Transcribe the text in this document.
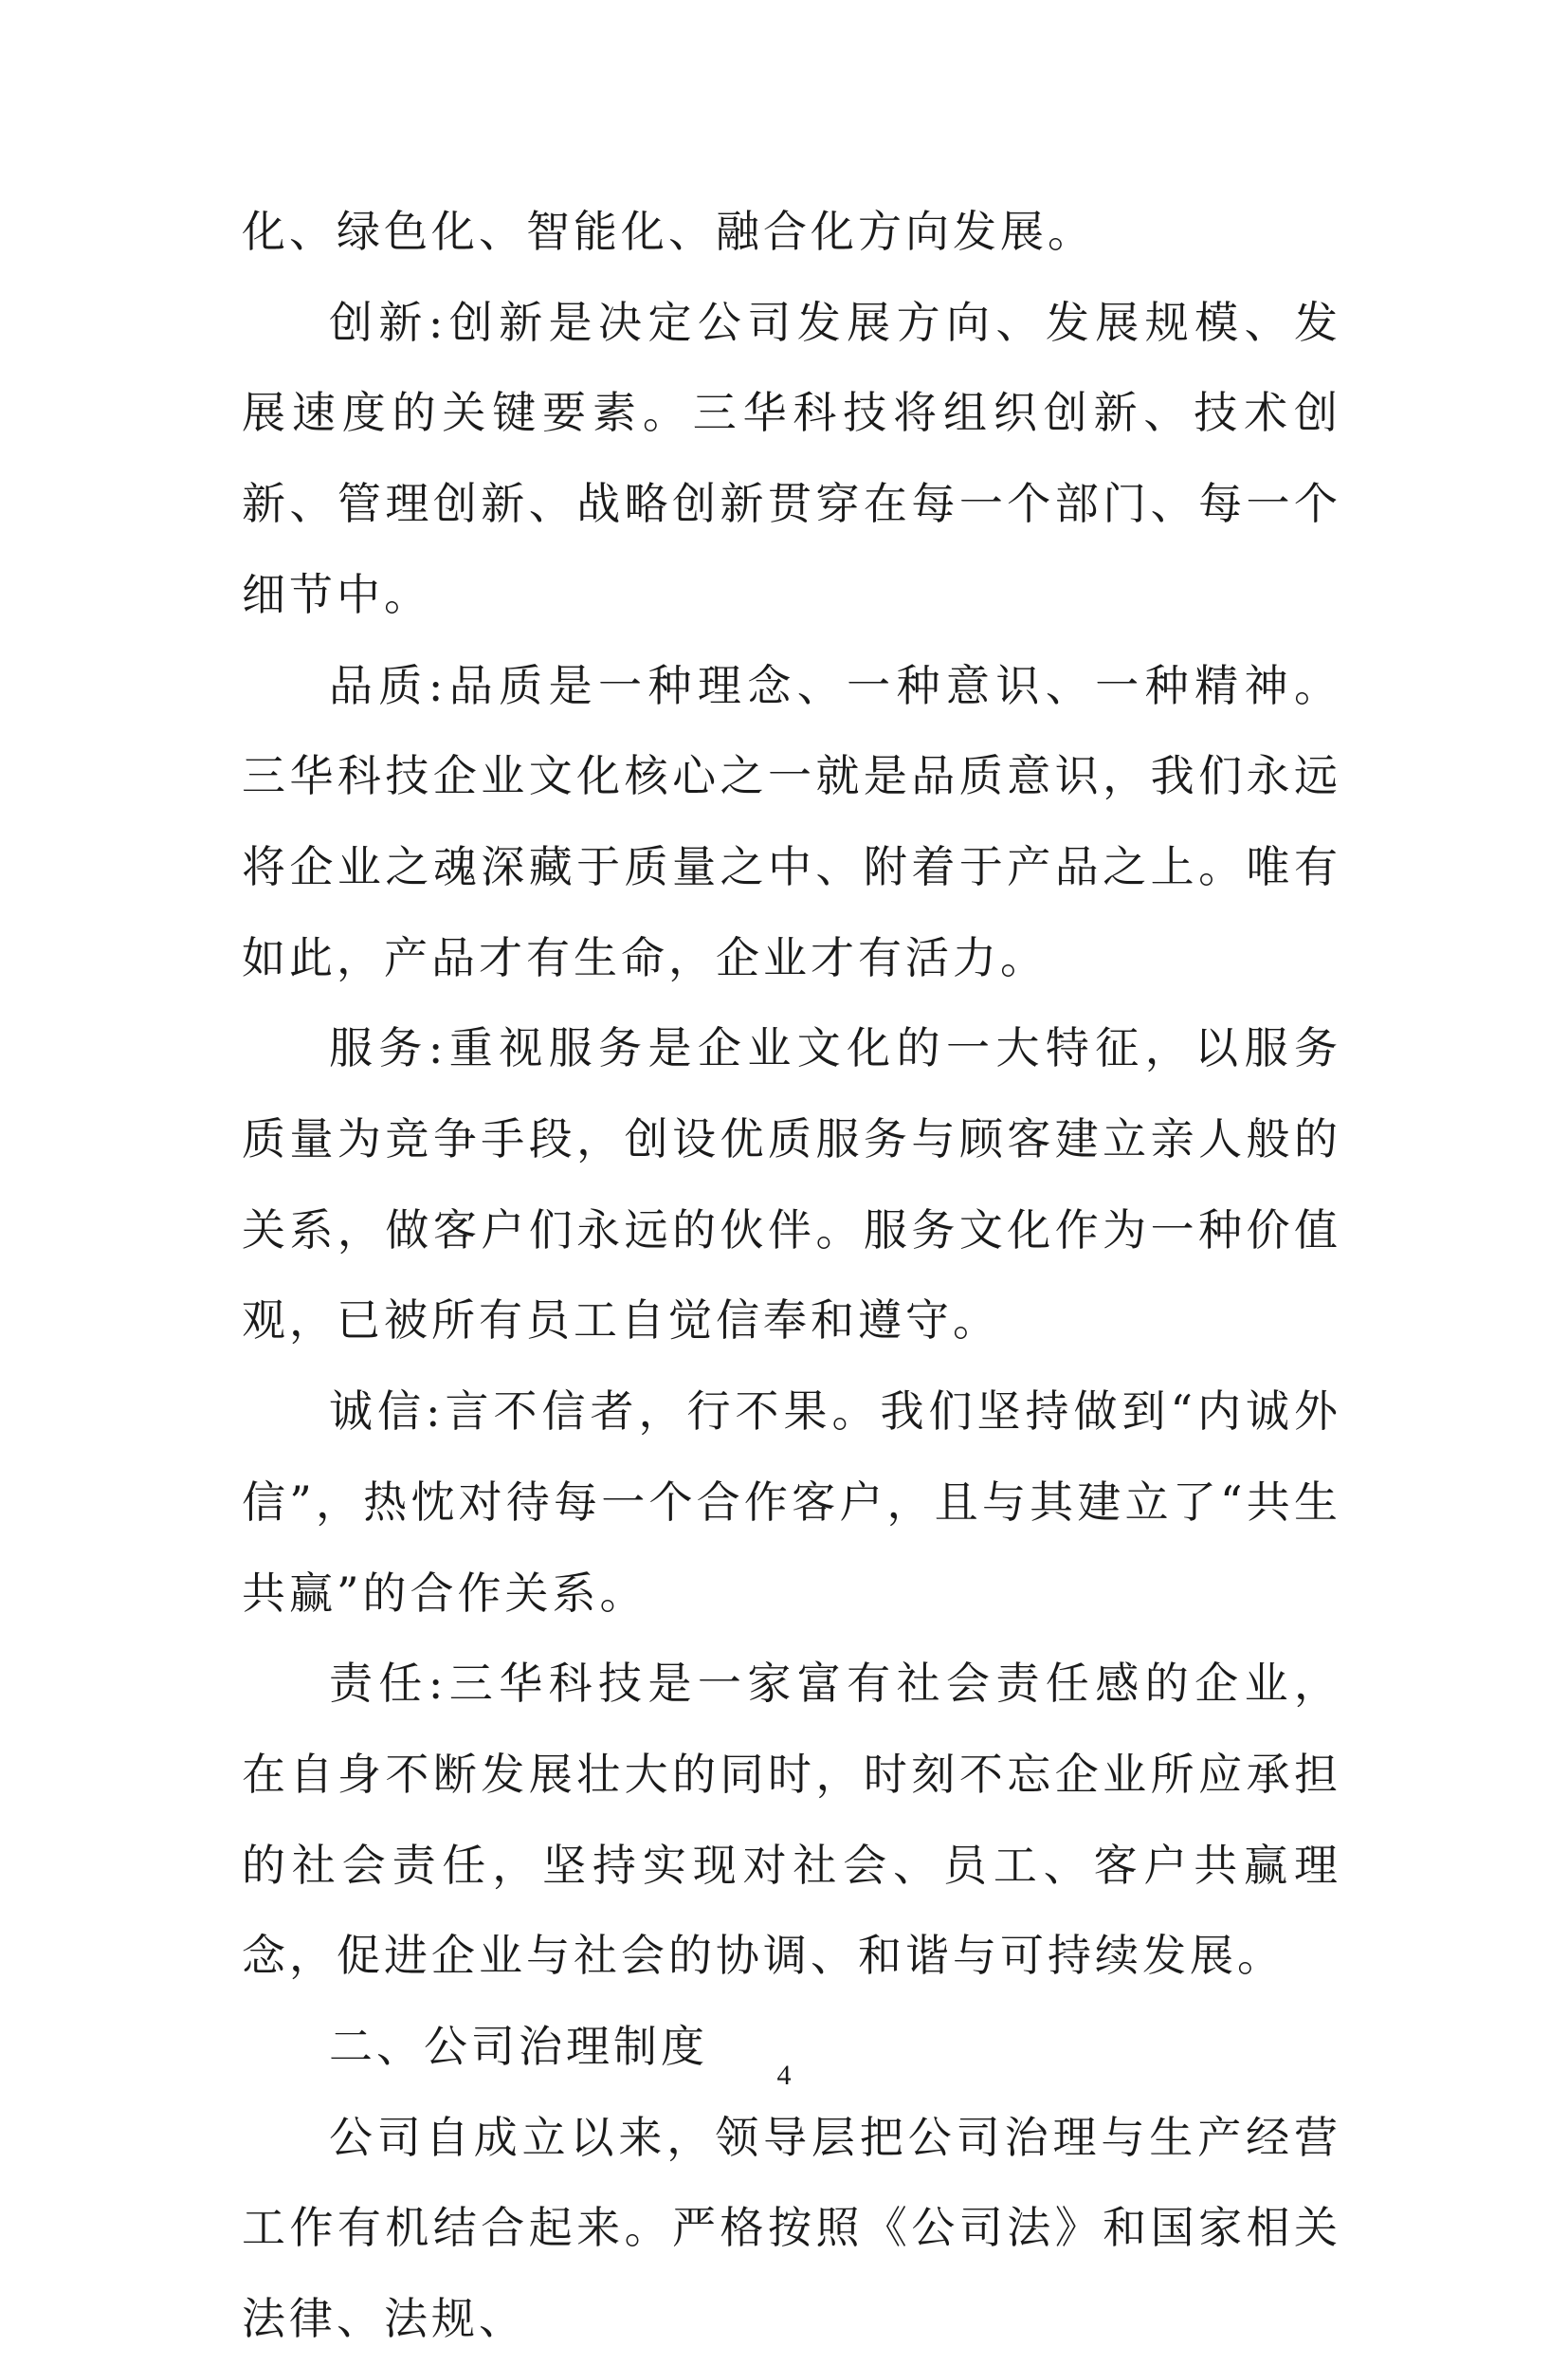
化、绿色化、智能化、融合化方向发展。

创新:创新是决定公司发展方向、发展规模、发展速度的关键要素。三华科技将组织创新、技术创新、管理创新、战略创新贯穿在每一个部门、每一个细节中。

品质:品质是一种理念、一种意识、一种精神。三华科技企业文化核心之一就是品质意识，我们永远将企业之魂深藏于质量之中、附着于产品之上。唯有如此，产品才有生命，企业才有活力。

服务:重视服务是企业文化的一大特征，以服务质量为竞争手段，创设优质服务与顾客建立亲人般的关系，做客户们永远的伙伴。服务文化作为一种价值观，已被所有员工自觉信奉和遵守。

诚信:言不信者，行不果。我们坚持做到“内诚外信”，热忱对待每一个合作客户，且与其建立了“共生共赢”的合作关系。

责任:三华科技是一家富有社会责任感的企业，在自身不断发展壮大的同时，时刻不忘企业所应承担的社会责任，坚持实现对社会、员工、客户共赢理念，促进企业与社会的协调、和谐与可持续发展。

二、公司治理制度

公司自成立以来，领导层把公司治理与生产经营工作有机结合起来。严格按照《公司法》和国家相关法律、法规、

4
